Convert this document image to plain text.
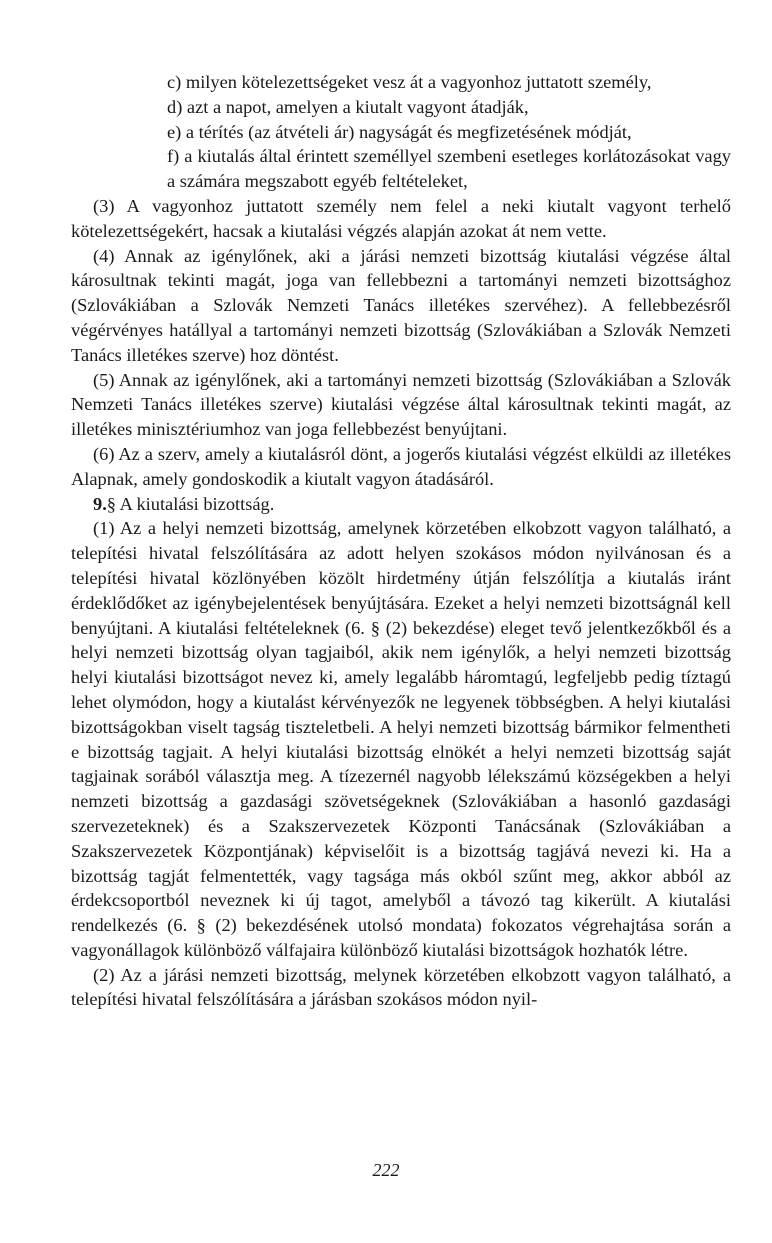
c) milyen kötelezettségeket vesz át a vagyonhoz juttatott személy,

d) azt a napot, amelyen a kiutalt vagyont átadják,

e) a térítés (az átvételi ár) nagyságát és megfizetésének módját,

f) a kiutalás által érintett személlyel szembeni esetleges korlátozásokat vagy a számára megszabott egyéb feltételeket,

(3) A vagyonhoz juttatott személy nem felel a neki kiutalt vagyont terhelő kötelezettségekért, hacsak a kiutalási végzés alapján azokat át nem vette.

(4) Annak az igénylőnek, aki a járási nemzeti bizottság kiutalási végzése által károsultnak tekinti magát, joga van fellebbezni a tartományi nemzeti bizottsághoz (Szlovákiában a Szlovák Nemzeti Tanács illetékes szervéhez). A fellebbezésről végérvényes hatállyal a tartományi nemzeti bizottság (Szlovákiában a Szlovák Nemzeti Tanács illetékes szerve) hoz döntést.

(5) Annak az igénylőnek, aki a tartományi nemzeti bizottság (Szlovákiában a Szlovák Nemzeti Tanács illetékes szerve) kiutalási végzése által károsultnak tekinti magát, az illetékes minisztériumhoz van joga fellebbezést benyújtani.

(6) Az a szerv, amely a kiutalásról dönt, a jogerős kiutalási végzést elküldi az illetékes Alapnak, amely gondoskodik a kiutalt vagyon átadásáról.

9.§ A kiutalási bizottság.

(1) Az a helyi nemzeti bizottság, amelynek körzetében elkobzott vagyon található, a telepítési hivatal felszólítására az adott helyen szokásos módon nyilvánosan és a telepítési hivatal közlönyében közölt hirdetmény útján felszólítja a kiutalás iránt érdeklődőket az igénybejelentések benyújtására. Ezeket a helyi nemzeti bizottságnál kell benyújtani. A kiutalási feltételeknek (6. § (2) bekezdése) eleget tevő jelentkezőkből és a helyi nemzeti bizottság olyan tagjaiból, akik nem igénylők, a helyi nemzeti bizottság helyi kiutalási bizottságot nevez ki, amely legalább háromtagú, legfeljebb pedig tíztagú lehet olymódon, hogy a kiutalást kérvényezők ne legyenek többségben. A helyi kiutalási bizottságokban viselt tagság tiszteletbeli. A helyi nemzeti bizottság bármikor felmentheti e bizottság tagjait. A helyi kiutalási bizottság elnökét a helyi nemzeti bizottság saját tagjainak sorából választja meg. A tízezernél nagyobb lélekszámú községekben a helyi nemzeti bizottság a gazdasági szövetségeknek (Szlovákiában a hasonló gazdasági szervezeteknek) és a Szakszervezetek Központi Tanácsának (Szlovákiában a Szakszervezetek Központjának) képviselőit is a bizottság tagjává nevezi ki. Ha a bizottság tagját felmentették, vagy tagsága más okból szűnt meg, akkor abból az érdekcsoportból neveznek ki új tagot, amelyből a távozó tag kikerült. A kiutalási rendelkezés (6. § (2) bekezdésének utolsó mondata) fokozatos végrehajtása során a vagyonállagok különböző válfajaira különböző kiutalási bizottságok hozhatók létre.

(2) Az a járási nemzeti bizottság, melynek körzetében elkobzott vagyon található, a telepítési hivatal felszólítására a járásban szokásos módon nyil-

222
